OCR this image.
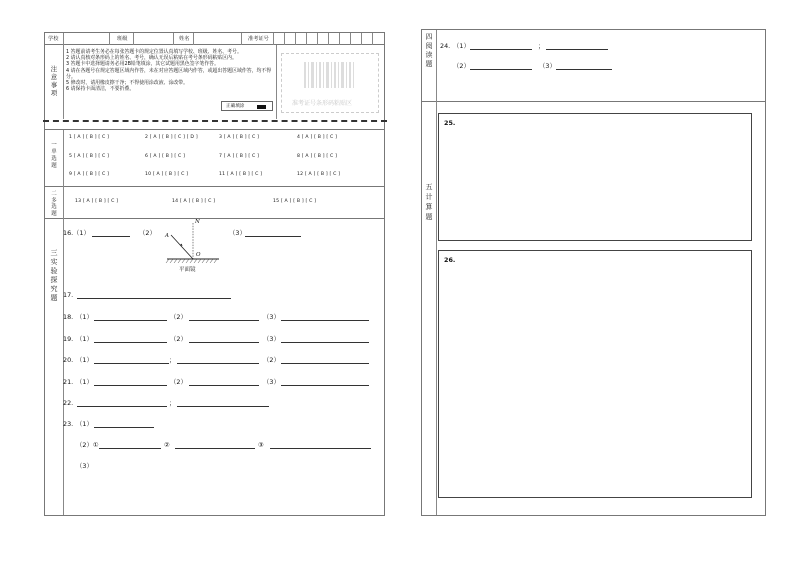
学校	班级	姓名	准考证号
注意事项
1 答题前请考生务必在每张答题卡的规定位置认真填写学校、班级、姓名、考号。
2 请认真核对条形码上的姓名、考号，确认无误后粘贴在考号条形码粘贴区内。
3 答题卡中选择题请务必用2B铅笔填涂，其它试题用黑色签字笔作答。
4 请在各题号在规定答题区域内作答，未在对应答题区域内作答，或超出答题区域作答，均不得分。
5 修改时，请用橡皮擦干净；不得使用涂改液、涂改带。
6 请保持卡面清洁，不要折叠。
正确填涂	准考证号条形码粘贴区
一单选题
1 [ A ] [ B ] [ C ]	2 [ A ] [ B ] [ C ] [ D ]	3 [ A ] [ B ] [ C ]	4 [ A ] [ B ] [ C ]
5 [ A ] [ B ] [ C ]	6 [ A ] [ B ] [ C ]	7 [ A ] [ B ] [ C ]	8 [ A ] [ B ] [ C ]
9 [ A ] [ B ] [ C ]	10 [ A ] [ B ] [ C ]	11 [ A ] [ B ] [ C ]	12 [ A ] [ B ] [ C ]
二多选题
13 [ A ] [ B ] [ C ]	14 [ A ] [ B ] [ C ]	15 [ A ] [ B ] [ C ]
三实验探究题
16. （1）	（2）
N
A
O
平面镜
（3）
17.
18. （1）	（2）	（3）
19. （1）	（2）	（3）
20. （1）	；	（2）
21. （1）	（2）	（3）
22.	；
23. （1）
（2）①	②	③
（3）
四阅读题
24. （1）	；
（2）	（3）
五计算题
25.
26.
